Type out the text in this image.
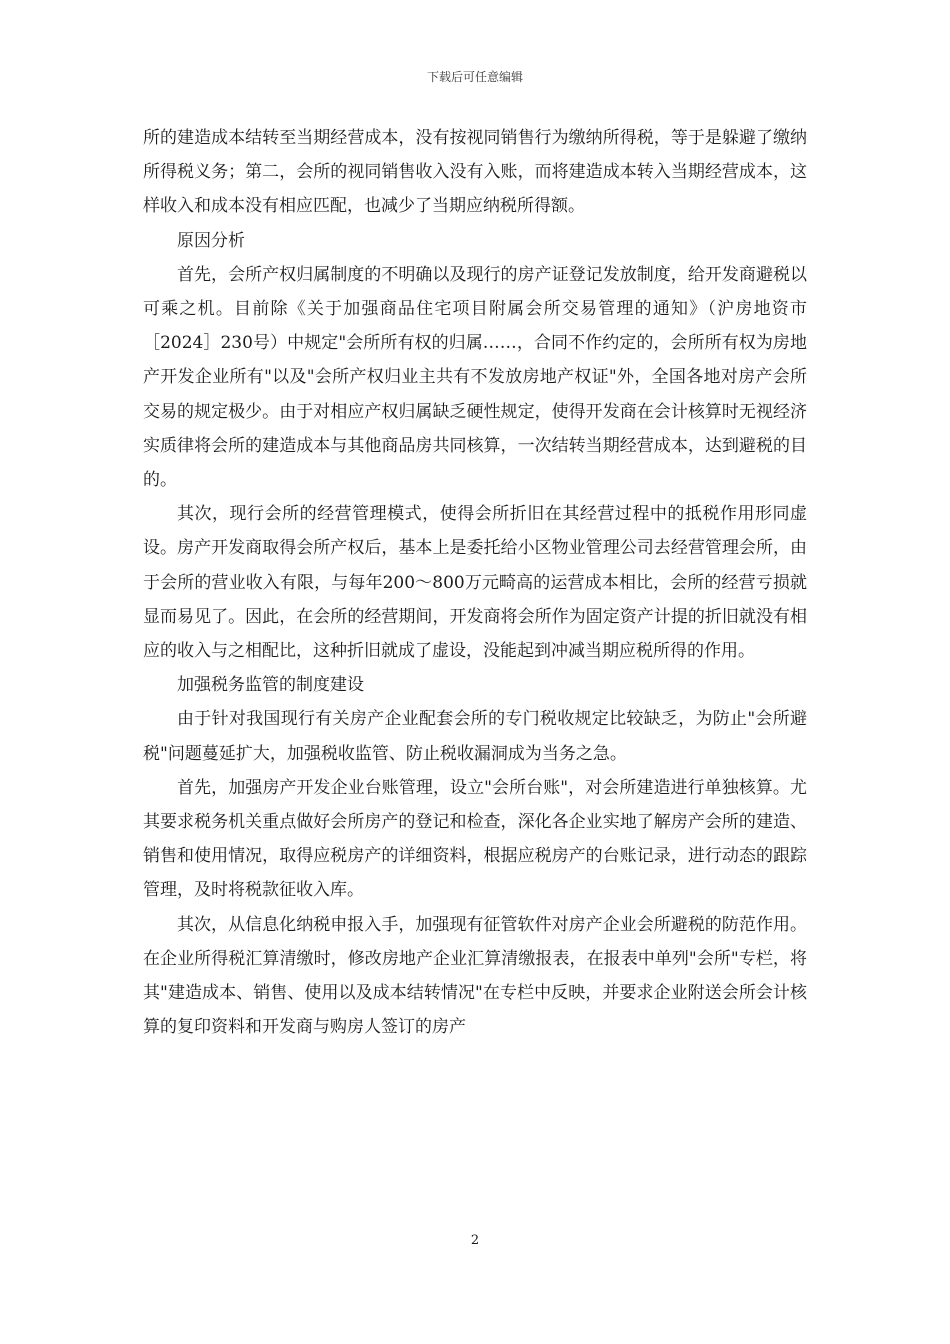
下载后可任意编辑

所的建造成本结转至当期经营成本，没有按视同销售行为缴纳所得税，等于是躲避了缴纳所得税义务；第二，会所的视同销售收入没有入账，而将建造成本转入当期经营成本，这样收入和成本没有相应匹配，也减少了当期应纳税所得额。

原因分析

首先，会所产权归属制度的不明确以及现行的房产证登记发放制度，给开发商避税以可乘之机。目前除《关于加强商品住宅项目附属会所交易管理的通知》（沪房地资市［2024］230号）中规定"会所所有权的归属……，合同不作约定的，会所所有权为房地产开发企业所有"以及"会所产权归业主共有不发放房地产权证"外，全国各地对房产会所交易的规定极少。由于对相应产权归属缺乏硬性规定，使得开发商在会计核算时无视经济实质律将会所的建造成本与其他商品房共同核算，一次结转当期经营成本，达到避税的目的。

其次，现行会所的经营管理模式，使得会所折旧在其经营过程中的抵税作用形同虚设。房产开发商取得会所产权后，基本上是委托给小区物业管理公司去经营管理会所，由于会所的营业收入有限，与每年200～800万元畸高的运营成本相比，会所的经营亏损就显而易见了。因此，在会所的经营期间，开发商将会所作为固定资产计提的折旧就没有相应的收入与之相配比，这种折旧就成了虚设，没能起到冲减当期应税所得的作用。

加强税务监管的制度建设

由于针对我国现行有关房产企业配套会所的专门税收规定比较缺乏，为防止"会所避税"问题蔓延扩大，加强税收监管、防止税收漏洞成为当务之急。

首先，加强房产开发企业台账管理，设立"会所台账"，对会所建造进行单独核算。尤其要求税务机关重点做好会所房产的登记和检查，深化各企业实地了解房产会所的建造、销售和使用情况，取得应税房产的详细资料，根据应税房产的台账记录，进行动态的跟踪管理，及时将税款征收入库。

其次，从信息化纳税申报入手，加强现有征管软件对房产企业会所避税的防范作用。在企业所得税汇算清缴时，修改房地产企业汇算清缴报表，在报表中单列"会所"专栏，将其"建造成本、销售、使用以及成本结转情况"在专栏中反映，并要求企业附送会所会计核算的复印资料和开发商与购房人签订的房产

2
